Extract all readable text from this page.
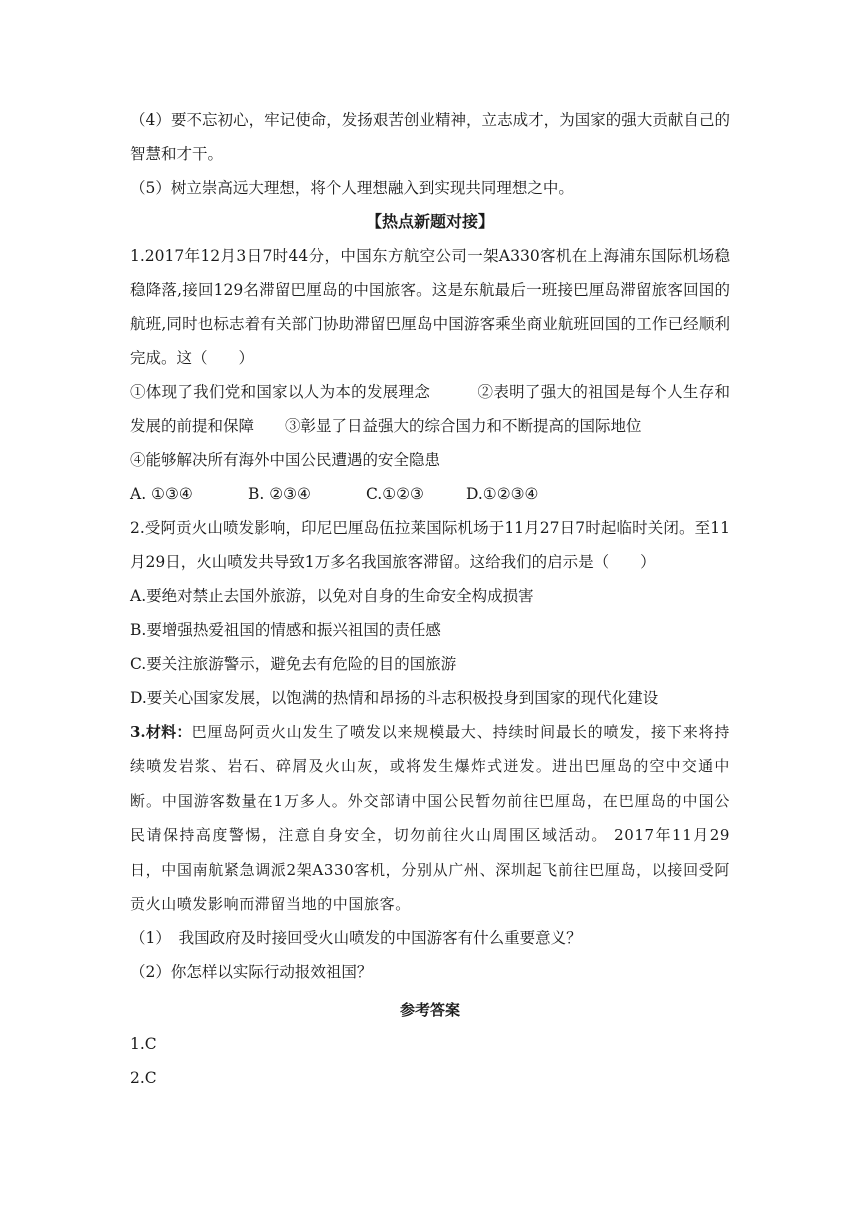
（4）要不忘初心，牢记使命，发扬艰苦创业精神，立志成才，为国家的强大贡献自己的智慧和才干。

（5）树立崇高远大理想，将个人理想融入到实现共同理想之中。

【热点新题对接】

1.2017年12月3日7时44分，中国东方航空公司一架A330客机在上海浦东国际机场稳稳降落,接回129名滞留巴厘岛的中国旅客。这是东航最后一班接巴厘岛滞留旅客回国的航班,同时也标志着有关部门协助滞留巴厘岛中国游客乘坐商业航班回国的工作已经顺利完成。这（　　）

①体现了我们党和国家以人为本的发展理念　　　②表明了强大的祖国是每个人生存和发展的前提和保障　　③彰显了日益强大的综合国力和不断提高的国际地位

④能够解决所有海外中国公民遭遇的安全隐患

A. ①③④	B. ②③④	C.①②③	D.①②③④

2.受阿贡火山喷发影响，印尼巴厘岛伍拉莱国际机场于11月27日7时起临时关闭。至11月29日，火山喷发共导致1万多名我国旅客滞留。这给我们的启示是（　　）

A.要绝对禁止去国外旅游，以免对自身的生命安全构成损害

B.要增强热爱祖国的情感和振兴祖国的责任感

C.要关注旅游警示，避免去有危险的目的国旅游

D.要关心国家发展，以饱满的热情和昂扬的斗志积极投身到国家的现代化建设

3.材料：巴厘岛阿贡火山发生了喷发以来规模最大、持续时间最长的喷发，接下来将持续喷发岩浆、岩石、碎屑及火山灰，或将发生爆炸式迸发。进出巴厘岛的空中交通中断。中国游客数量在1万多人。外交部请中国公民暂勿前往巴厘岛，在巴厘岛的中国公民请保持高度警惕，注意自身安全，切勿前往火山周围区域活动。 2017年11月29日，中国南航紧急调派2架A330客机，分别从广州、深圳起飞前往巴厘岛，以接回受阿贡火山喷发影响而滞留当地的中国旅客。

（1）　我国政府及时接回受火山喷发的中国游客有什么重要意义？

（2）你怎样以实际行动报效祖国？

参考答案

1.C

2.C
